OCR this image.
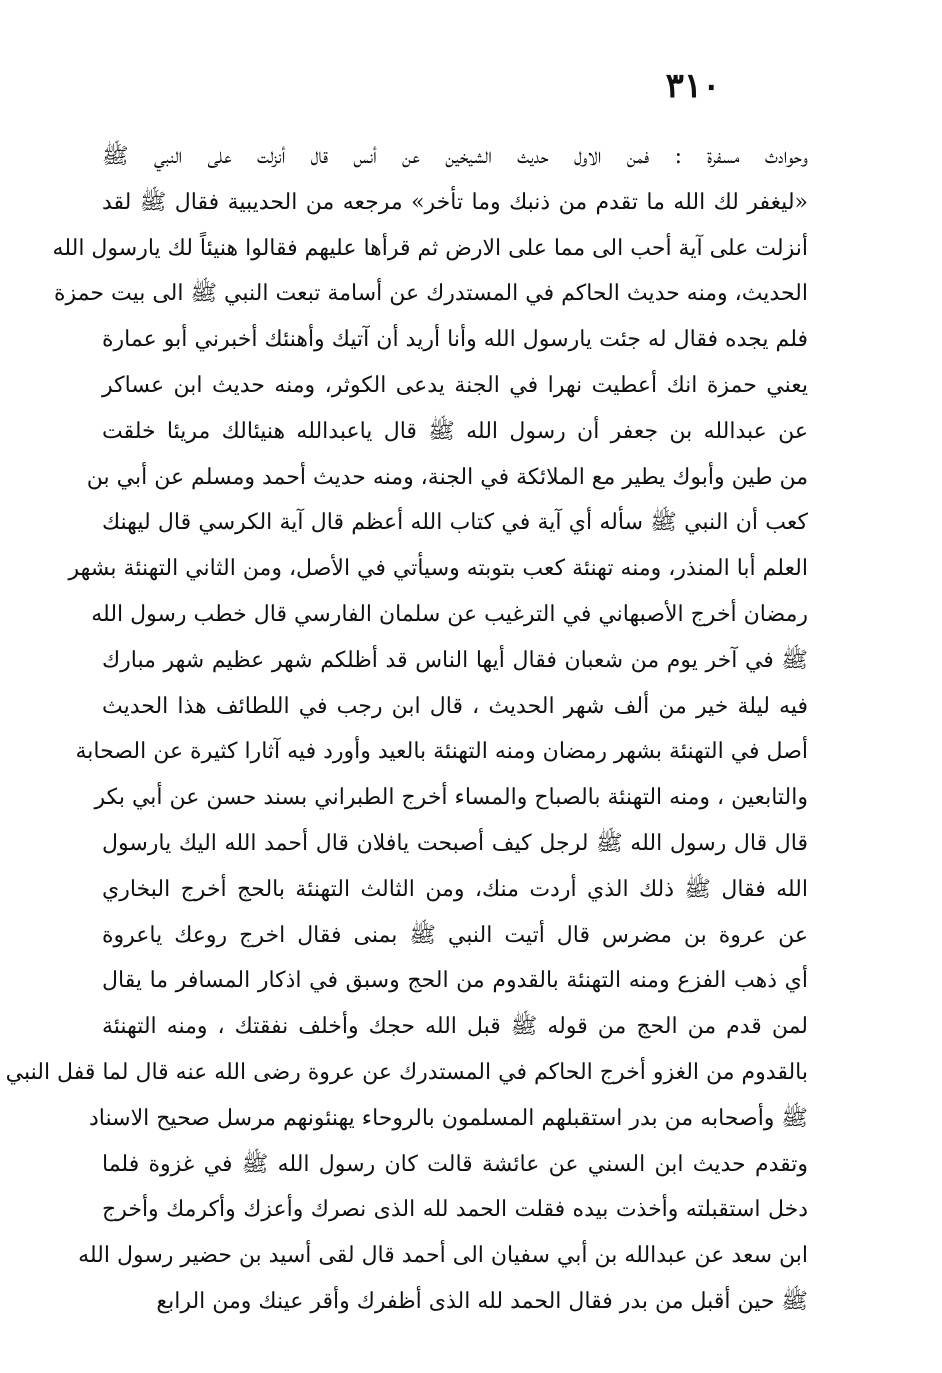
٣١٠
وحوادث مسفرة : فمن الاول حديث الشيخين عن أنس قال أنزلت على النبي ﷺ
«ليغفر لك الله ما تقدم من ذنبك وما تأخر» مرجعه من الحديبية فقال ﷺ لقد
أنزلت على آية أحب الى مما على الارض ثم قرأها عليهم فقالوا هنيئاً لك يارسول الله
الحديث، ومنه حديث الحاكم في المستدرك عن أسامة تبعت النبي ﷺ الى بيت حمزة
فلم يجده فقال له جئت يارسول الله وأنا أريد أن آتيك وأهنئك أخبرني أبو عمارة
يعني حمزة انك أعطيت نهرا في الجنة يدعى الكوثر، ومنه حديث ابن عساكر
عن عبدالله بن جعفر أن رسول الله ﷺ قال ياعبدالله هنيئالك مريئا خلقت
من طين وأبوك يطير مع الملائكة في الجنة، ومنه حديث أحمد ومسلم عن أبي بن
كعب أن النبي ﷺ سأله أي آية في كتاب الله أعظم قال آية الكرسي قال ليهنك
العلم أبا المنذر، ومنه تهنئة كعب بتوبته وسيأتي في الأصل، ومن الثاني التهنئة بشهر
رمضان أخرج الأصبهاني في الترغيب عن سلمان الفارسي قال خطب رسول الله
ﷺ في آخر يوم من شعبان فقال أيها الناس قد أظلكم شهر عظيم شهر مبارك
فيه ليلة خير من ألف شهر الحديث ، قال ابن رجب في اللطائف هذا الحديث
أصل في التهنئة بشهر رمضان ومنه التهنئة بالعيد وأورد فيه آثارا كثيرة عن الصحابة
والتابعين ، ومنه التهنئة بالصباح والمساء أخرج الطبراني بسند حسن عن أبي بكر
قال قال رسول الله ﷺ لرجل كيف أصبحت يافلان قال أحمد الله اليك يارسول
الله فقال ﷺ ذلك الذي أردت منك، ومن الثالث التهنئة بالحج أخرج البخاري
عن عروة بن مضرس قال أتيت النبي ﷺ بمنى فقال اخرج روعك ياعروة
أي ذهب الفزع ومنه التهنئة بالقدوم من الحج وسبق في اذكار المسافر ما يقال
لمن قدم من الحج من قوله ﷺ قبل الله حجك وأخلف نفقتك ، ومنه التهنئة
بالقدوم من الغزو أخرج الحاكم في المستدرك عن عروة رضى الله عنه قال لما قفل النبي
ﷺ وأصحابه من بدر استقبلهم المسلمون بالروحاء يهنئونهم مرسل صحيح الاسناد
وتقدم حديث ابن السني عن عائشة قالت كان رسول الله ﷺ في غزوة فلما
دخل استقبلته وأخذت بيده فقلت الحمد لله الذى نصرك وأعزك وأكرمك وأخرج
ابن سعد عن عبدالله بن أبي سفيان الى أحمد قال لقى أسيد بن حضير رسول الله
ﷺ حين أقبل من بدر فقال الحمد لله الذى أظفرك وأقر عينك ومن الرابع
